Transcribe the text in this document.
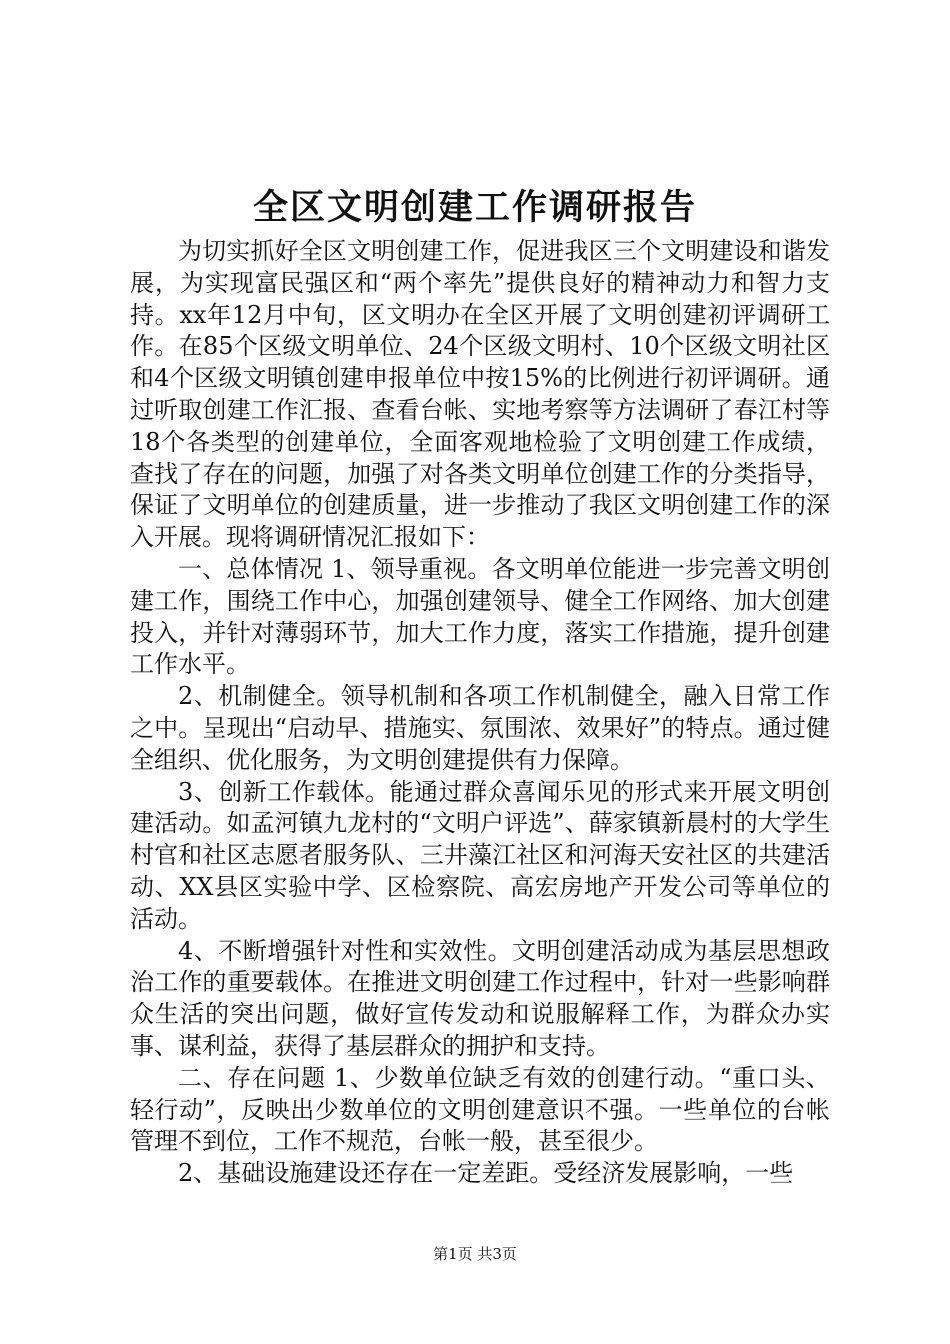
全区文明创建工作调研报告

为切实抓好全区文明创建工作，促进我区三个文明建设和谐发展，为实现富民强区和“两个率先”提供良好的精神动力和智力支持。xx年12月中旬，区文明办在全区开展了文明创建初评调研工作。在85个区级文明单位、24个区级文明村、10个区级文明社区和4个区级文明镇创建申报单位中按15%的比例进行初评调研。通过听取创建工作汇报、查看台帐、实地考察等方法调研了春江村等18个各类型的创建单位，全面客观地检验了文明创建工作成绩，查找了存在的问题，加强了对各类文明单位创建工作的分类指导，保证了文明单位的创建质量，进一步推动了我区文明创建工作的深入开展。现将调研情况汇报如下：

一、总体情况 1、领导重视。各文明单位能进一步完善文明创建工作，围绕工作中心，加强创建领导、健全工作网络、加大创建投入，并针对薄弱环节，加大工作力度，落实工作措施，提升创建工作水平。

2、机制健全。领导机制和各项工作机制健全，融入日常工作之中。呈现出“启动早、措施实、氛围浓、效果好”的特点。通过健全组织、优化服务，为文明创建提供有力保障。

3、创新工作载体。能通过群众喜闻乐见的形式来开展文明创建活动。如孟河镇九龙村的“文明户评选”、薛家镇新晨村的大学生村官和社区志愿者服务队、三井藻江社区和河海天安社区的共建活动、XX县区实验中学、区检察院、高宏房地产开发公司等单位的活动。

4、不断增强针对性和实效性。文明创建活动成为基层思想政治工作的重要载体。在推进文明创建工作过程中，针对一些影响群众生活的突出问题，做好宣传发动和说服解释工作，为群众办实事、谋利益，获得了基层群众的拥护和支持。

二、存在问题 1、少数单位缺乏有效的创建行动。“重口头、轻行动”，反映出少数单位的文明创建意识不强。一些单位的台帐管理不到位，工作不规范，台帐一般，甚至很少。

2、基础设施建设还存在一定差距。受经济发展影响，一些

第1页 共3页
